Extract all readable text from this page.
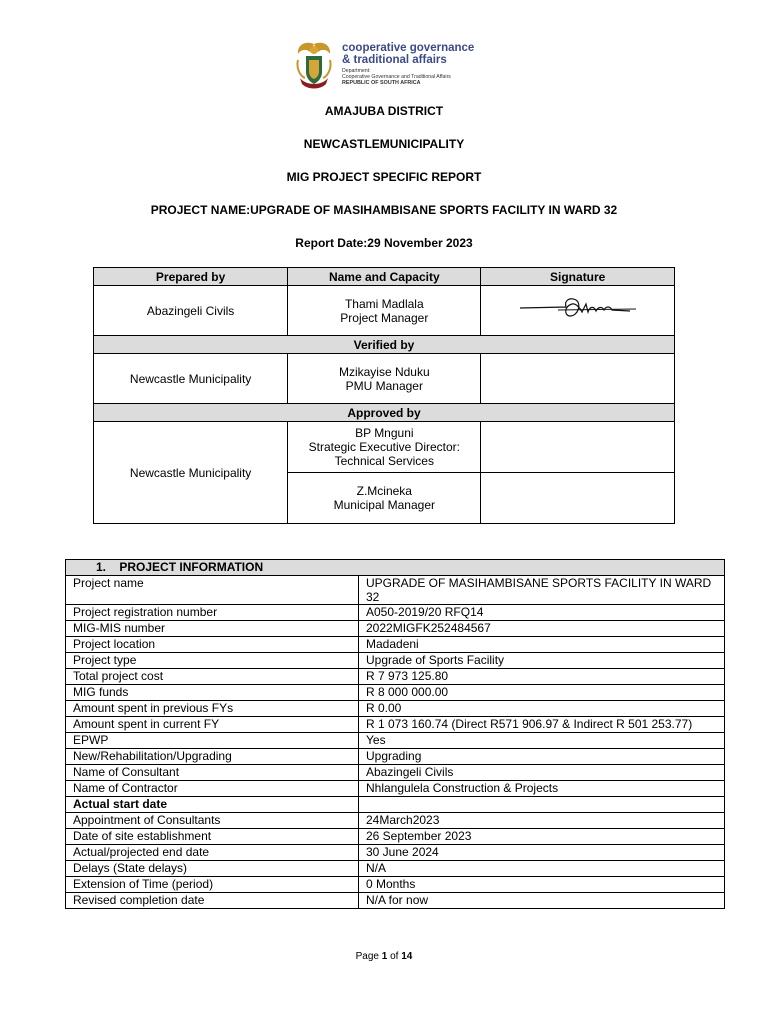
cooperative governance
& traditional affairs
Department:
Cooperative Governance and Traditional Affairs
REPUBLIC OF SOUTH AFRICA
AMAJUBA DISTRICT
NEWCASTLEMUNICIPALITY
MIG PROJECT SPECIFIC REPORT
PROJECT NAME:UPGRADE OF MASIHAMBISANE SPORTS FACILITY IN WARD 32
Report Date:29 November 2023
Prepared by	Name and Capacity	Signature
Abazingeli Civils	Thami Madlala
Project Manager

Verified by		
Newcastle Municipality	Mzikayise Nduku
PMU Manager	

Approved by		
Newcastle Municipality	BP Mnguni
Strategic Executive Director:
Technical Services	

	Z.Mcineka
Municipal Manager	

1. PROJECT INFORMATION	
Project name	UPGRADE OF MASIHAMBISANE SPORTS FACILITY IN WARD 32
Project registration number	A050-2019/20 RFQ14
MIG-MIS number	2022MIGFK252484567
Project location	Madadeni
Project type	Upgrade of Sports Facility
Total project cost	R 7 973 125.80
MIG funds	R 8 000 000.00
Amount spent in previous FYs	R 0.00
Amount spent in current FY	R 1 073 160.74 (Direct R571 906.97 & Indirect R 501 253.77)
EPWP	Yes
New/Rehabilitation/Upgrading	Upgrading
Name of Consultant	Abazingeli Civils
Name of Contractor	Nhlangulela Construction & Projects
Actual start date	
Appointment of Consultants	24March2023
Date of site establishment	26 September 2023
Actual/projected end date	30 June 2024
Delays (State delays)	N/A
Extension of Time (period)	0 Months
Revised completion date	N/A for now
Page 1 of 14
